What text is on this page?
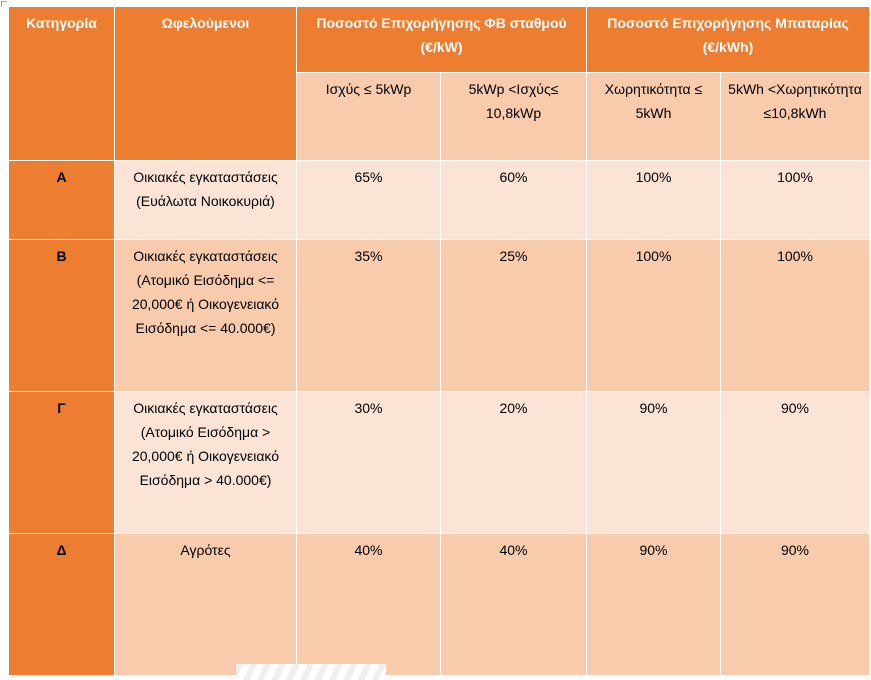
Κατηγορία	Ωφελούμενοι	Ποσοστό Επιχορήγησης ΦΒ σταθμού (€/kW)		Ποσοστό Επιχορήγησης Μπαταρίας (€/kWh)	
		Ισχύς ≤ 5kWp	5kWp <Ισχύς≤ 10,8kWp	Χωρητικότητα ≤ 5kWh	5kWh <Χωρητικότητα≤10,8kWh
Α	Οικιακές εγκαταστάσεις (Ευάλωτα Νοικοκυριά)	65%	60%	100%	100%
Β	Οικιακές εγκαταστάσεις (Ατομικό Εισόδημα <= 20,000€ ή Οικογενειακό Εισόδημα <= 40.000€)	35%	25%	100%	100%
Γ	Οικιακές εγκαταστάσεις (Ατομικό Εισόδημα > 20,000€ ή Οικογενειακό Εισόδημα > 40.000€)	30%	20%	90%	90%
Δ	Αγρότες	40%	40%	90%	90%
